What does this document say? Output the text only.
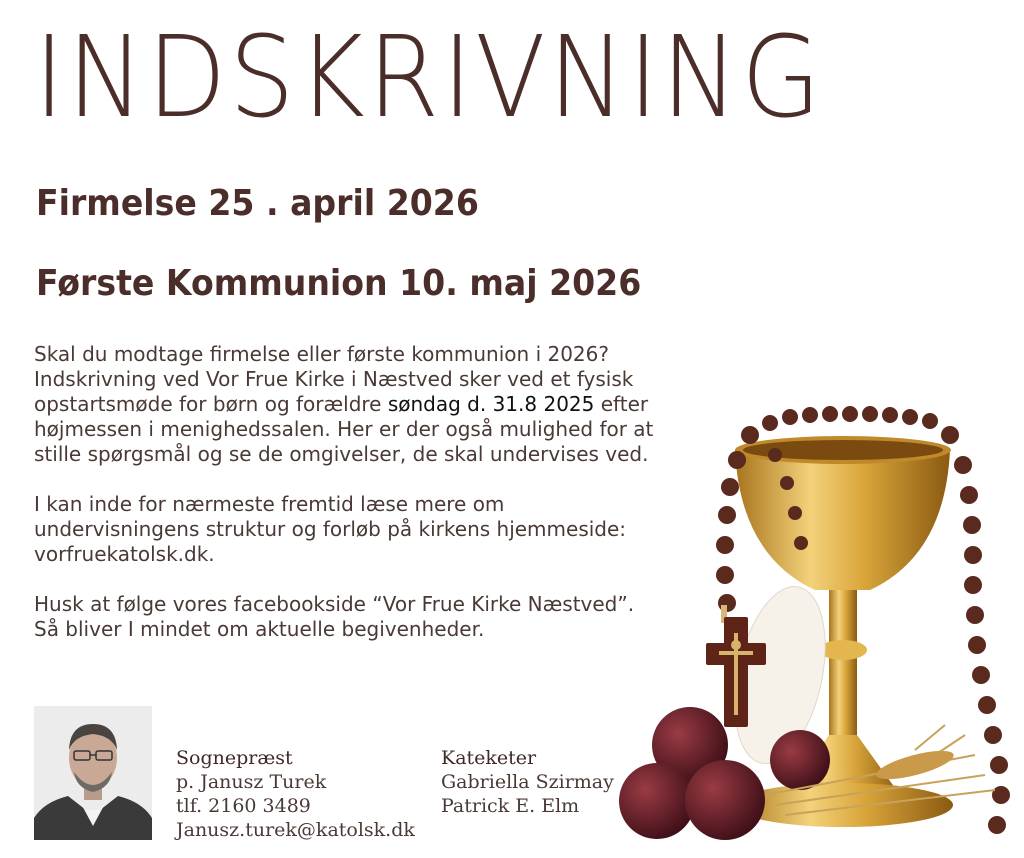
INDSKRIVNING
Firmelse 25 . april 2026
Første Kommunion 10. maj 2026

Skal du modtage firmelse eller første kommunion i 2026?
Indskrivning ved Vor Frue Kirke i Næstved sker ved et fysisk
opstartsmøde for børn og forældre søndag d. 31.8 2025 efter
højmessen i menighedssalen. Her er der også mulighed for at
stille spørgsmål og se de omgivelser, de skal undervises ved.

I kan inde for nærmeste fremtid læse mere om
undervisningens struktur og forløb på kirkens hjemmeside:
vorfruekatolsk.dk.

Husk at følge vores facebookside “Vor Frue Kirke Næstved”.
Så bliver I mindet om aktuelle begivenheder.

Sognepræst
p. Janusz Turek
tlf. 2160 3489
Janusz.turek@katolsk.dk
Kateketer
Gabriella Szirmay
Patrick E. Elm
